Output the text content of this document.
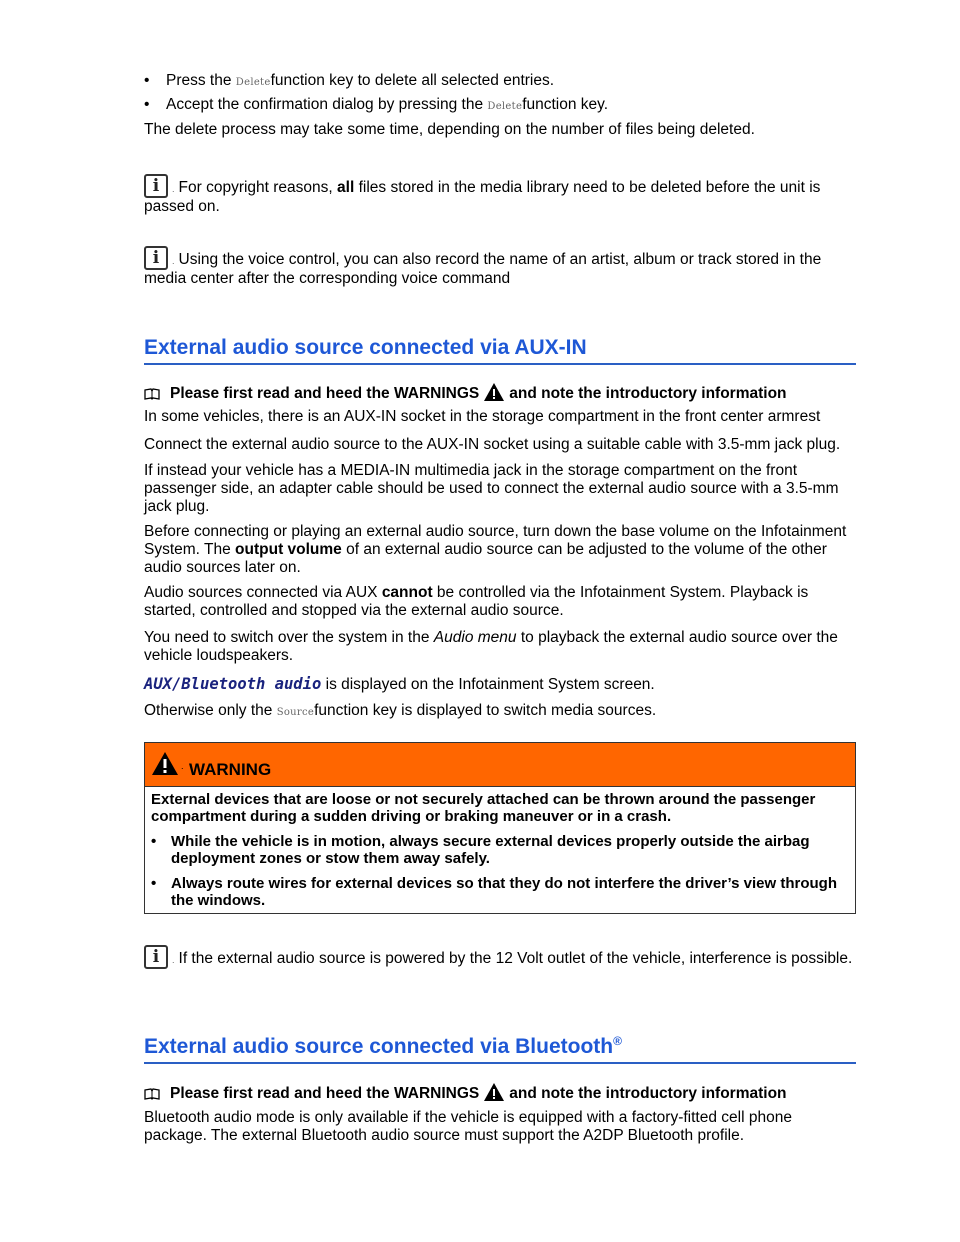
• Press the Deletefunction key to delete all selected entries.
• Accept the confirmation dialog by pressing the Deletefunction key.

The delete process may take some time, depending on the number of files being deleted.

i	. For copyright reasons, all files stored in the media library need to be deleted before the unit is passed on.

i	. Using the voice control, you can also record the name of an artist, album or track stored in the media center after the corresponding voice command

External audio source connected via AUX-IN

Please first read and heed the WARNINGS and note the introductory information

In some vehicles, there is an AUX-IN socket in the storage compartment in the front center armrest

Connect the external audio source to the AUX-IN socket using a suitable cable with 3.5-mm jack plug.

If instead your vehicle has a MEDIA-IN multimedia jack in the storage compartment on the front passenger side, an adapter cable should be used to connect the external audio source with a 3.5-mm jack plug.

Before connecting or playing an external audio source, turn down the base volume on the Infotainment System. The output volume of an external audio source can be adjusted to the volume of the other audio sources later on.

Audio sources connected via AUX cannot be controlled via the Infotainment System. Playback is started, controlled and stopped via the external audio source.

You need to switch over the system in the Audio menu to playback the external audio source over the vehicle loudspeakers.

AUX/Bluetooth audio is displayed on the Infotainment System screen.

Otherwise only the Sourcefunction key is displayed to switch media sources.

. WARNING

External devices that are loose or not securely attached can be thrown around the passenger compartment during a sudden driving or braking maneuver or in a crash.

• While the vehicle is in motion, always secure external devices properly outside the airbag deployment zones or stow them away safely.

• Always route wires for external devices so that they do not interfere the driver’s view through the windows.

i	. If the external audio source is powered by the 12 Volt outlet of the vehicle, interference is possible.

External audio source connected via Bluetooth®

Please first read and heed the WARNINGS and note the introductory information

Bluetooth audio mode is only available if the vehicle is equipped with a factory-fitted cell phone package. The external Bluetooth audio source must support the A2DP Bluetooth profile.
